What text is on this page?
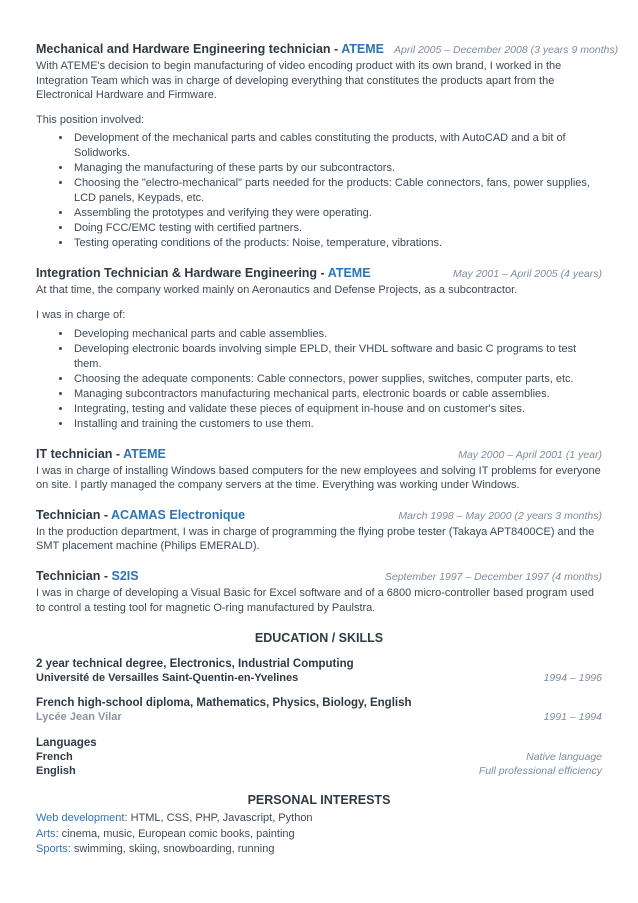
Mechanical and Hardware Engineering technician - ATEME April 2005 – December 2008 (3 years 9 months)

With ATEME's decision to begin manufacturing of video encoding product with its own brand, I worked in the Integration Team which was in charge of developing everything that constitutes the products apart from the Electronical Hardware and Firmware.

This position involved:

• Development of the mechanical parts and cables constituting the products, with AutoCAD and a bit of Solidworks.
• Managing the manufacturing of these parts by our subcontractors.
• Choosing the "electro-mechanical" parts needed for the products: Cable connectors, fans, power supplies, LCD panels, Keypads, etc.
• Assembling the prototypes and verifying they were operating.
• Doing FCC/EMC testing with certified partners.
• Testing operating conditions of the products: Noise, temperature, vibrations.
Integration Technician & Hardware Engineering - ATEME	May 2001 – April 2005 (4 years)

At that time, the company worked mainly on Aeronautics and Defense Projects, as a subcontractor.

I was in charge of:

• Developing mechanical parts and cable assemblies.
• Developing electronic boards involving simple EPLD, their VHDL software and basic C programs to test them.
• Choosing the adequate components: Cable connectors, power supplies, switches, computer parts, etc.
• Managing subcontractors manufacturing mechanical parts, electronic boards or cable assemblies.
• Integrating, testing and validate these pieces of equipment in-house and on customer's sites.
• Installing and training the customers to use them.
IT technician - ATEME	May 2000 – April 2001 (1 year)

I was in charge of installing Windows based computers for the new employees and solving IT problems for everyone on site. I partly managed the company servers at the time. Everything was working under Windows.

Technician - ACAMAS Electronique	March 1998 – May 2000 (2 years 3 months)

In the production department, I was in charge of programming the flying probe tester (Takaya APT8400CE) and the SMT placement machine (Philips EMERALD).

Technician - S2IS	September 1997 – December 1997 (4 months)

I was in charge of developing a Visual Basic for Excel software and of a 6800 micro-controller based program used to control a testing tool for magnetic O-ring manufactured by Paulstra.

EDUCATION / SKILLS
2 year technical degree, Electronics, Industrial Computing
Université de Versailles Saint-Quentin-en-Yvelines	1994 – 1996
French high-school diploma, Mathematics, Physics, Biology, English
Lycée Jean Vilar	1991 – 1994
Languages
French	Native language
English	Full professional efficiency
PERSONAL INTERESTS
Web development: HTML, CSS, PHP, Javascript, Python
Arts: cinema, music, European comic books, painting
Sports: swimming, skiing, snowboarding, running
